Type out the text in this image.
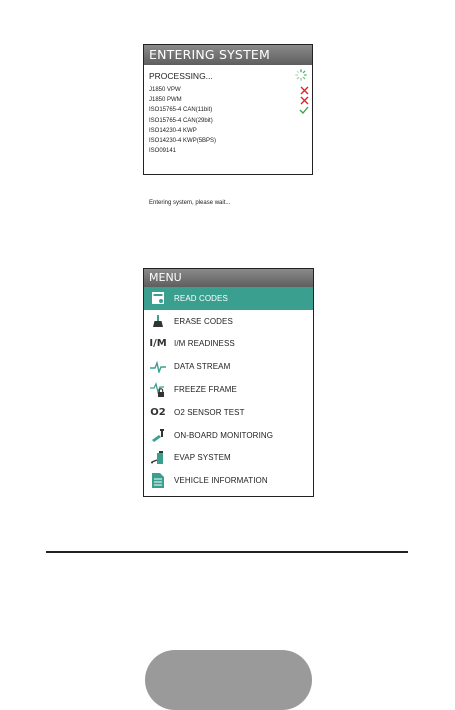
ENTERING SYSTEM
PROCESSING...
J1850 VPW
J1850 PWM
ISO15765-4 CAN(11bit)
ISO15765-4 CAN(29bit)
ISO14230-4 KWP
ISO14230-4 KWP(5BPS)
ISO09141
Entering system, please wait...
MENU
READ CODES
ERASE CODES
I/M I/M READINESS
DATA STREAM
FREEZE FRAME
O2 O2 SENSOR TEST
ON-BOARD MONITORING
EVAP SYSTEM
VEHICLE INFORMATION
